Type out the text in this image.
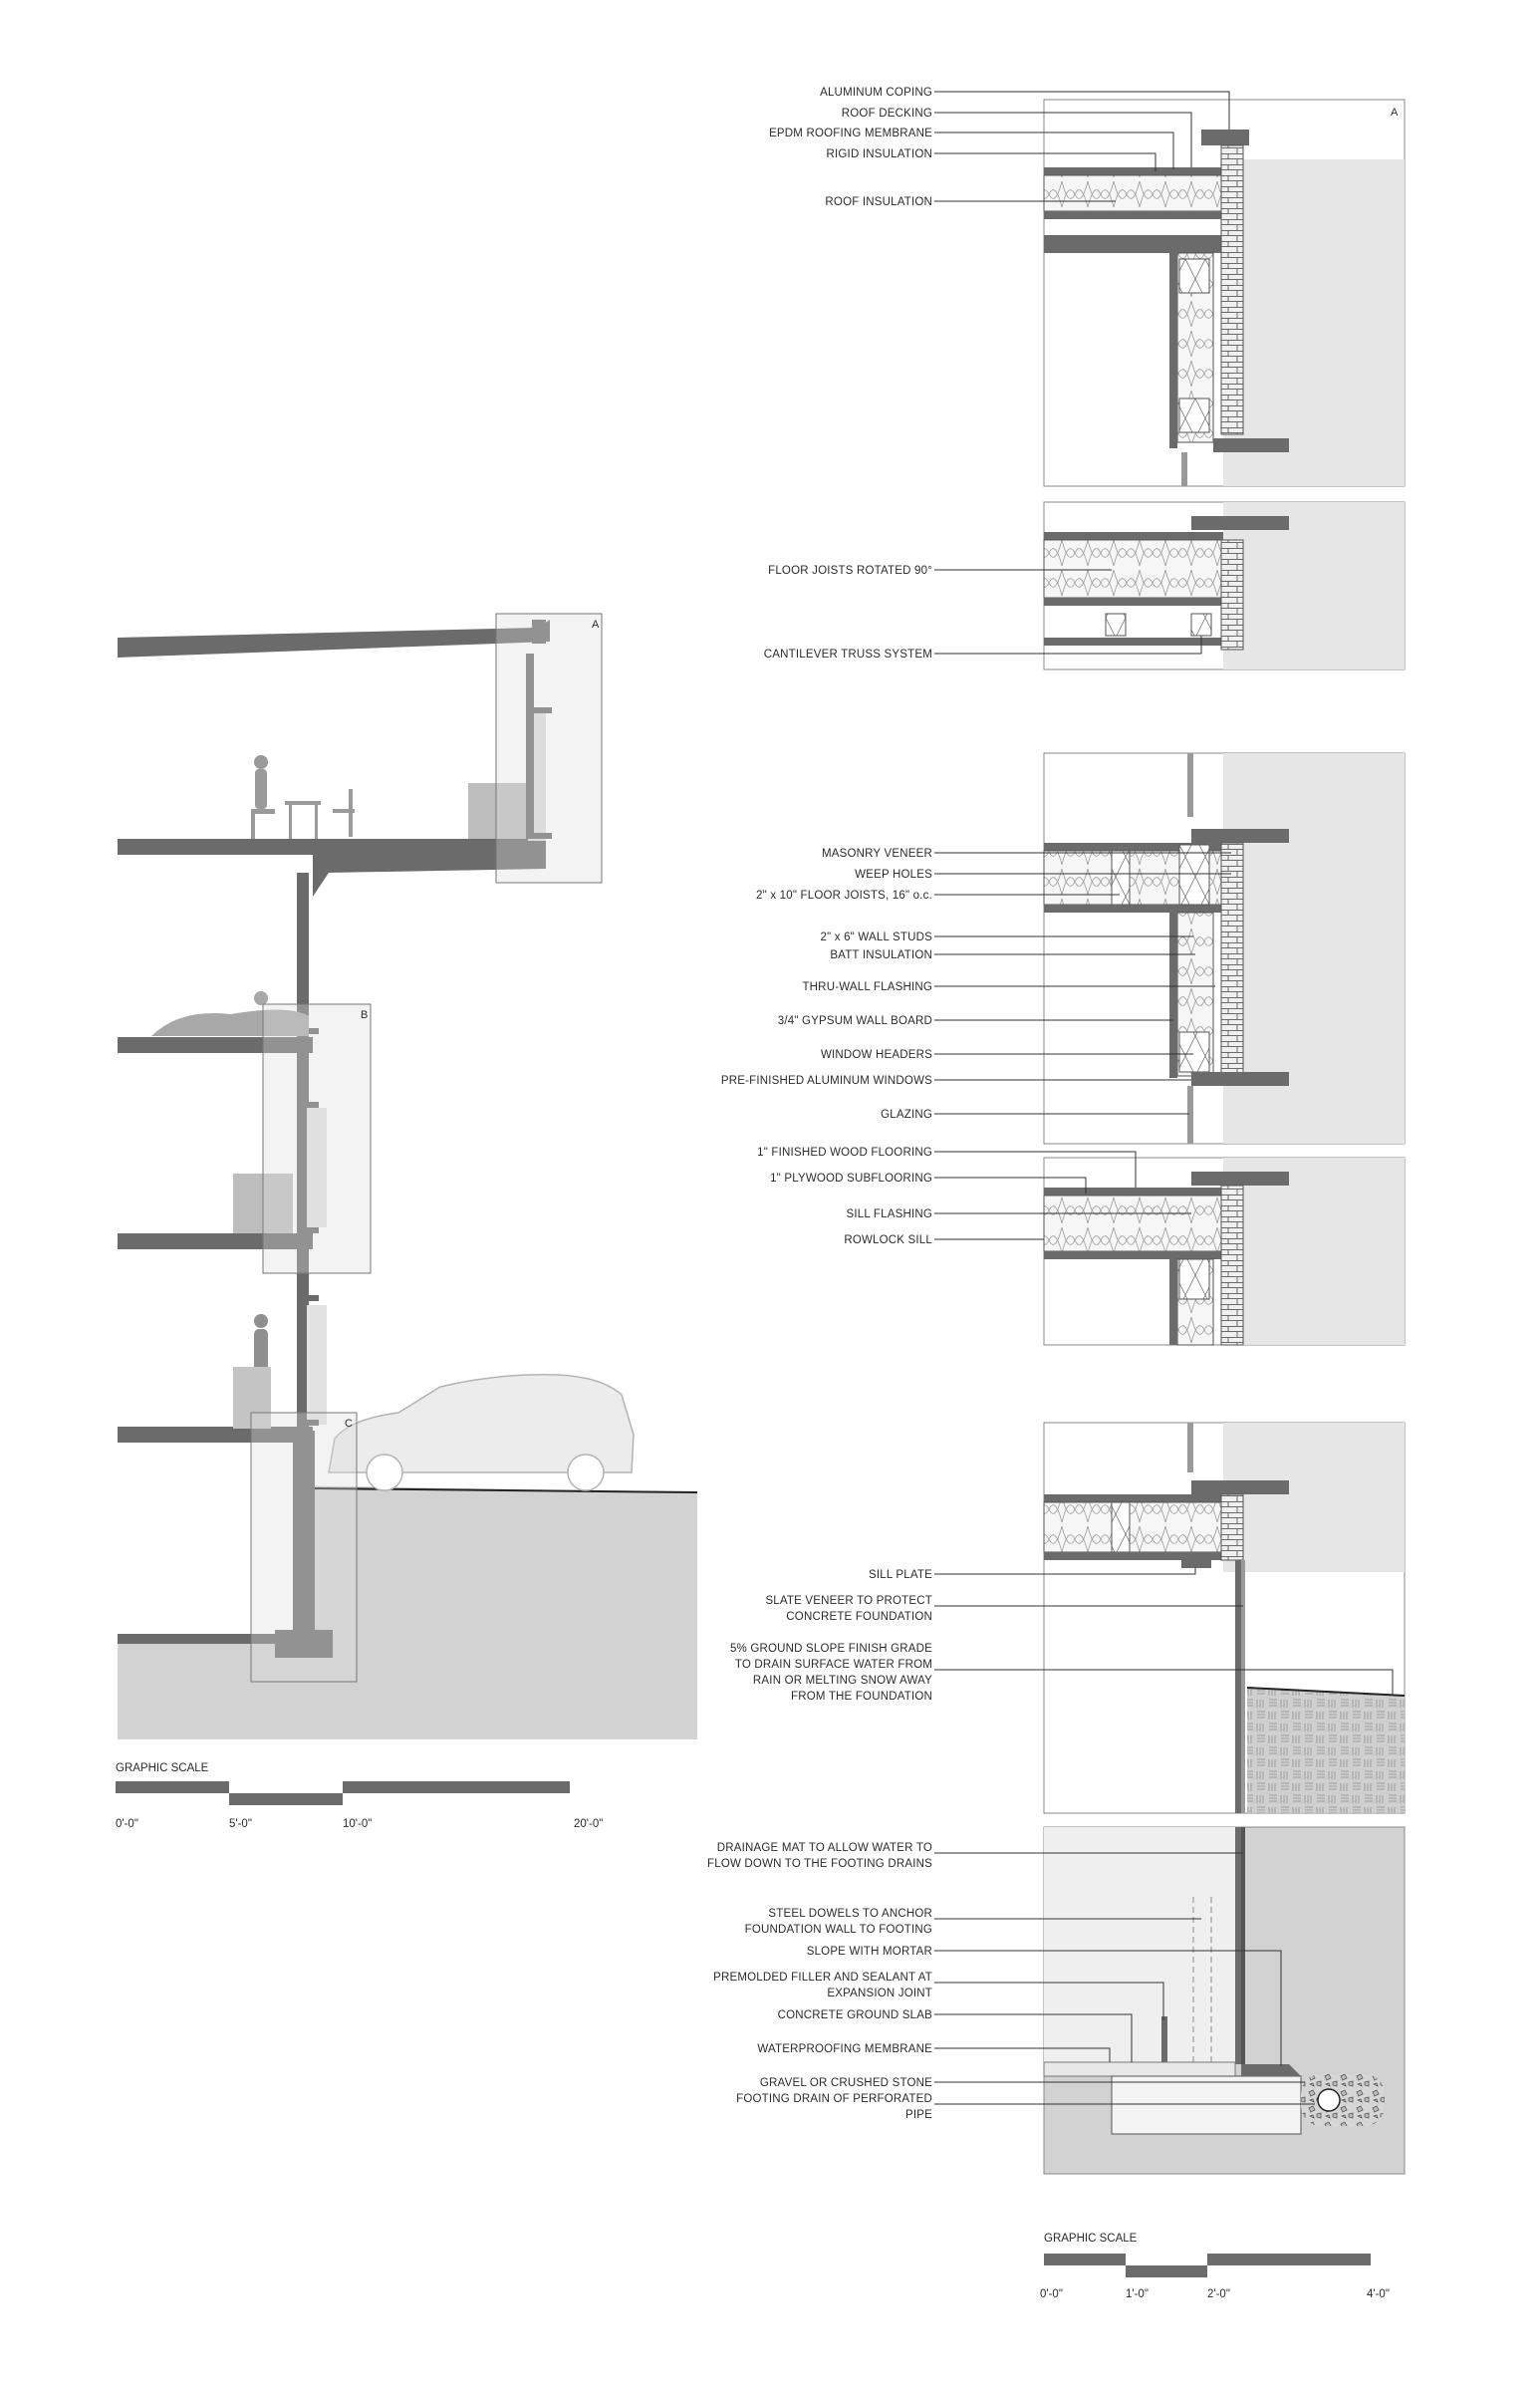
A
B
C
GRAPHIC SCALE
0'-0"	5'-0"	10'-0"	20'-0"
A
GRAPHIC SCALE
0'-0"	1'-0"	2'-0"	4'-0"
ALUMINUM COPING
ROOF DECKING
EPDM ROOFING MEMBRANE
RIGID INSULATION
ROOF INSULATION
FLOOR JOISTS ROTATED 90°
CANTILEVER TRUSS SYSTEM
MASONRY VENEER
WEEP HOLES
2" x 10" FLOOR JOISTS, 16" o.c.
2" x 6" WALL STUDS
BATT INSULATION
THRU-WALL FLASHING
3/4" GYPSUM WALL BOARD
WINDOW HEADERS
PRE-FINISHED ALUMINUM WINDOWS
GLAZING
1" FINISHED WOOD FLOORING
1" PLYWOOD SUBFLOORING
SILL FLASHING
ROWLOCK SILL
SILL PLATE
SLATE VENEER TO PROTECT
CONCRETE FOUNDATION
5% GROUND SLOPE FINISH GRADE
TO DRAIN SURFACE WATER FROM
RAIN OR MELTING SNOW AWAY
FROM THE FOUNDATION
DRAINAGE MAT TO ALLOW WATER TO
FLOW DOWN TO THE FOOTING DRAINS
STEEL DOWELS TO ANCHOR
FOUNDATION WALL TO FOOTING
SLOPE WITH MORTAR
PREMOLDED FILLER AND SEALANT AT
EXPANSION JOINT
CONCRETE GROUND SLAB
WATERPROOFING MEMBRANE
GRAVEL OR CRUSHED STONE
FOOTING DRAIN OF PERFORATED
PIPE
